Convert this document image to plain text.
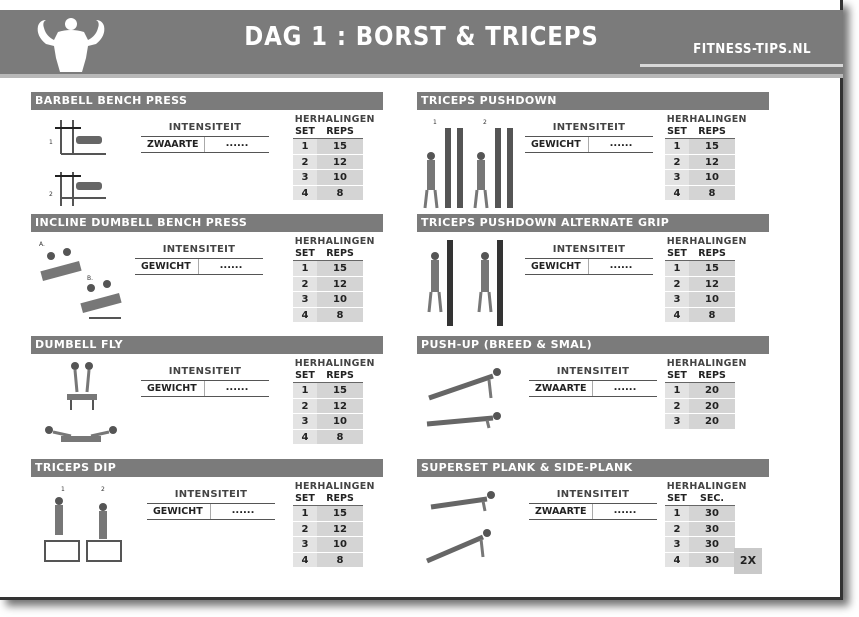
DAG 1 : BORST & TRICEPS	FITNESS-TIPS.NL
BARBELL BENCH PRESS
1
2
INTENSITEIT
ZWAARTE	......
HERHALINGEN
SET	REPS
1	15
2	12
3	10
4	8
INCLINE DUMBELL BENCH PRESS
A.
B.
INTENSITEIT
GEWICHT	......
HERHALINGEN
SET	REPS
1	15
2	12
3	10
4	8
DUMBELL FLY
INTENSITEIT
GEWICHT	......
HERHALINGEN
SET	REPS
1	15
2	12
3	10
4	8
TRICEPS DIP
1	2	INTENSITEIT
GEWICHT	......
HERHALINGEN
SET	REPS
1	15
2	12
3	10
4	8
TRICEPS PUSHDOWN
1	2	INTENSITEIT
GEWICHT	......
HERHALINGEN
SET	REPS
1	15
2	12
3	10
4	8
TRICEPS PUSHDOWN ALTERNATE GRIP
INTENSITEIT
GEWICHT	......
HERHALINGEN
SET	REPS
1	15
2	12
3	10
4	8
PUSH-UP (BREED & SMAL)
INTENSITEIT
ZWAARTE	......
HERHALINGEN
SET	REPS
1	20
2	20
3	20
SUPERSET PLANK & SIDE-PLANK
INTENSITEIT
ZWAARTE	......
HERHALINGEN
SET	SEC.
1	30
2	30
3	30
4	30	2X
